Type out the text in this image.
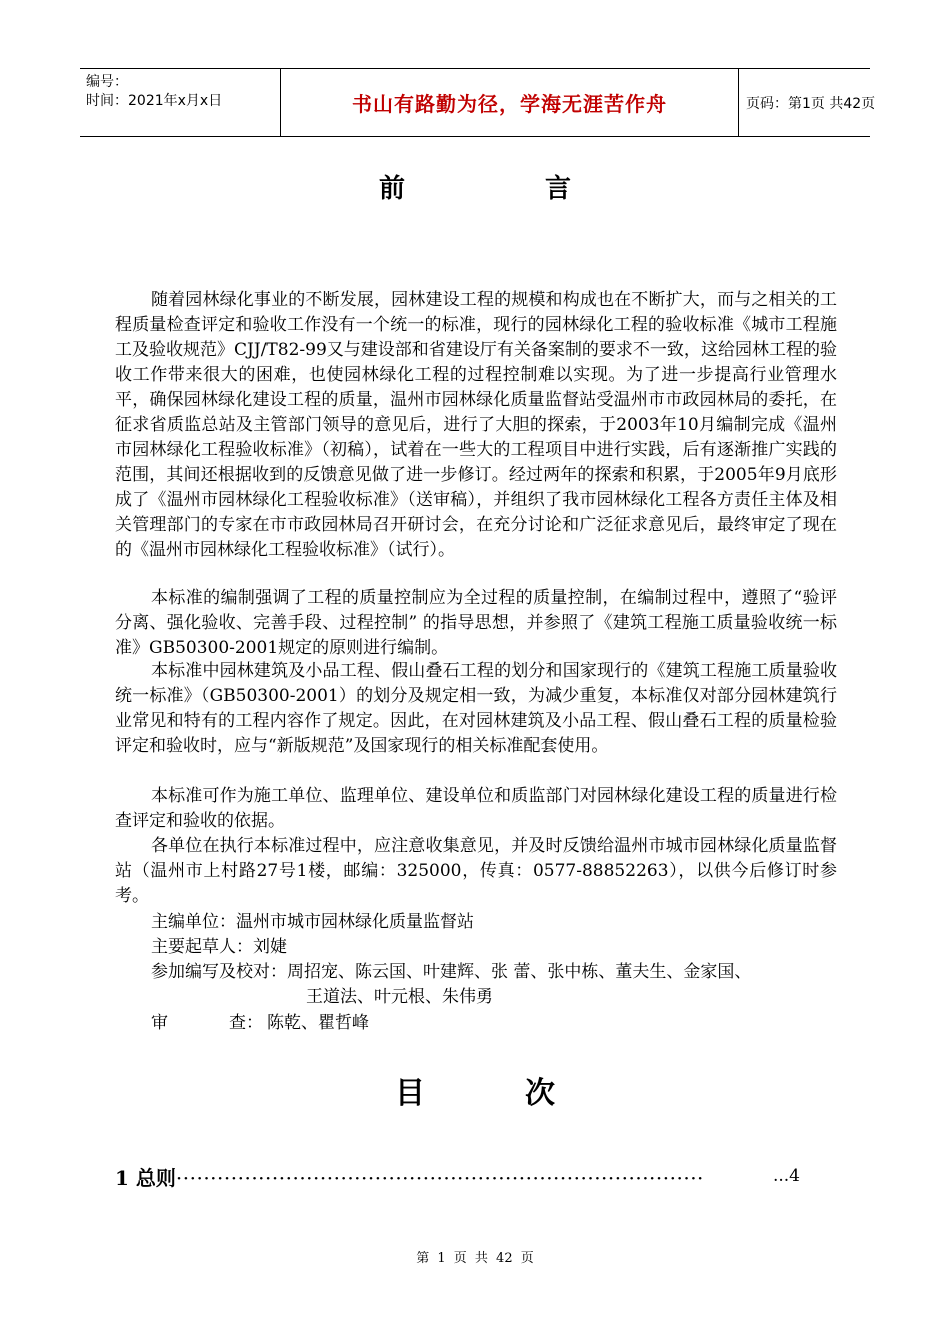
编号：
时间：2021年x月x日	书山有路勤为径，学海无涯苦作舟	页码：第1页 共42页
前言

随着园林绿化事业的不断发展，园林建设工程的规模和构成也在不断扩大，而与之相关的工程质量检查评定和验收工作没有一个统一的标准，现行的园林绿化工程的验收标准《城市工程施工及验收规范》CJJ/T82-99又与建设部和省建设厅有关备案制的要求不一致，这给园林工程的验收工作带来很大的困难，也使园林绿化工程的过程控制难以实现。为了进一步提高行业管理水平，确保园林绿化建设工程的质量，温州市园林绿化质量监督站受温州市市政园林局的委托，在征求省质监总站及主管部门领导的意见后，进行了大胆的探索，于2003年10月编制完成《温州市园林绿化工程验收标准》（初稿），试着在一些大的工程项目中进行实践，后有逐渐推广实践的范围，其间还根据收到的反馈意见做了进一步修订。经过两年的探索和积累，于2005年9月底形成了《温州市园林绿化工程验收标准》（送审稿），并组织了我市园林绿化工程各方责任主体及相关管理部门的专家在市市政园林局召开研讨会，在充分讨论和广泛征求意见后，最终审定了现在的《温州市园林绿化工程验收标准》（试行）。

本标准的编制强调了工程的质量控制应为全过程的质量控制，在编制过程中，遵照了“验评分离、强化验收、完善手段、过程控制” 的指导思想，并参照了《建筑工程施工质量验收统一标准》GB50300-2001规定的原则进行编制。

本标准中园林建筑及小品工程、假山叠石工程的划分和国家现行的《建筑工程施工质量验收统一标准》（GB50300-2001）的划分及规定相一致，为减少重复，本标准仅对部分园林建筑行业常见和特有的工程内容作了规定。因此，在对园林建筑及小品工程、假山叠石工程的质量检验评定和验收时，应与“新版规范”及国家现行的相关标准配套使用。

本标准可作为施工单位、监理单位、建设单位和质监部门对园林绿化建设工程的质量进行检查评定和验收的依据。

各单位在执行本标准过程中，应注意收集意见，并及时反馈给温州市城市园林绿化质量监督站（温州市上村路27号1楼，邮编：325000，传真：0577-88852263），以供今后修订时参考。

主编单位：温州市城市园林绿化质量监督站
主要起草人：刘婕
参加编写及校对：周招宠、陈云国、叶建辉、张 蕾、张中栋、董夫生、金家国、
王道法、叶元根、朱伟勇
审	查： 陈乾、瞿哲峰
目次
1 总则·············································································	...4
第 1 页 共 42 页
